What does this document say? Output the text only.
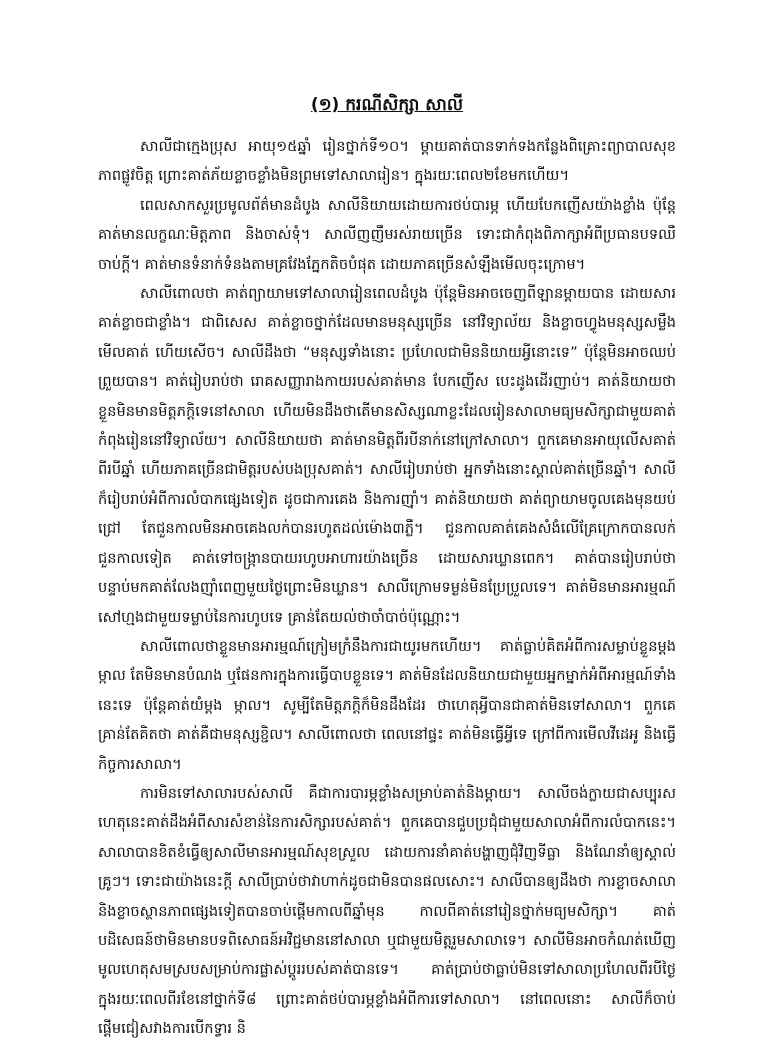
(១) ករណីសិក្សា សាលី

សាលីជាក្មេងប្រុស អាយុ១៥ឆ្នាំ រៀនថ្នាក់ទី១០។ ម្ដាយគាត់បានទាក់ទងកន្លែងពិគ្រោះព្យាបាលសុខភាពផ្លូវចិត្ត ព្រោះគាត់ភ័យខ្លាចខ្លាំងមិនព្រមទៅសាលារៀន។ ក្នុងរយៈពេល២ខែមកហើយ។

ពេលសាកសួរប្រមូលព័ត៌មានដំបូង សាលីនិយាយដោយការថប់បារម្ភ ហើយបែកញើសយ៉ាងខ្លាំង ប៉ុន្តែគាត់មានលក្ខណៈមិត្តភាព និងចាស់ទុំ។ សាលីញញឹមរស់រាយច្រើន ទោះជាកំពុងពិភាក្សាអំពីប្រធានបទឈឺចាប់ក្ដី។ គាត់មានទំនាក់ទំនងតាមគ្រវែងភ្នែកតិចបំផុត ដោយភាគច្រើនសំឡឹងមើលចុះក្រោម។

សាលីពោលថា គាត់ព្យាយាមទៅសាលារៀនពេលដំបូង ប៉ុន្តែមិនអាចចេញពីឡានម្ដាយបាន ដោយសារគាត់ខ្លាចជាខ្លាំង។ ជាពិសេស គាត់ខ្លាចថ្នាក់ដែលមានមនុស្សច្រើន នៅវិទ្យាល័យ និងខ្លាចហ្វូងមនុស្សសម្លឹងមើលគាត់ ហើយសើច។ សាលីដឹងថា “មនុស្សទាំងនោះ ប្រហែលជាមិននិយាយអ្វីនោះទេ” ប៉ុន្តែមិនអាចឈប់ព្រួយបាន។ គាត់រៀបរាប់ថា រោគសញ្ញារាងកាយរបស់គាត់មាន បែកញើស បេះដូងដើរញាប់។ គាត់និយាយថា ខ្លួនមិនមានមិត្តភក្ដិទេនៅសាលា ហើយមិនដឹងថាតើមានសិស្សណាខ្លះដែលរៀនសាលាមធ្យមសិក្សាជាមួយគាត់កំពុងរៀននៅវិទ្យាល័យ។ សាលីនិយាយថា គាត់មានមិត្តពីរបីនាក់នៅក្រៅសាលា។ ពួកគេមានអាយុលើសគាត់ពីរបីឆ្នាំ ហើយភាគច្រើនជាមិត្តរបស់បងប្រុសគាត់។ សាលីរៀបរាប់ថា អ្នកទាំងនោះស្គាល់គាត់ច្រើនឆ្នាំ។ សាលីក៏រៀបរាប់អំពីការលំបាកផ្សេងទៀត ដូចជាការគេង និងការញ៉ាំ។ គាត់និយាយថា គាត់ព្យាយាមចូលគេងមុនយប់ជ្រៅ តែជួនកាលមិនអាចគេងលក់បានរហូតដល់ម៉ោង៣ភ្លឺ។ ជួនកាលគាត់គេងសំងំលើគ្រែក្រោកបានលក់ ជួនកាលទៀត គាត់ទៅចង្ក្រានបាយរហូបអាហារយ៉ាងច្រើន ដោយសារឃ្លានពេក។ គាត់បានរៀបរាប់ថា បន្ទាប់មកគាត់លែងញ៉ាំពេញមួយថ្ងៃព្រោះមិនឃ្លាន។ សាលីក្រោមទម្ងន់មិនប្រែប្រួលទេ។ គាត់មិនមានអារម្មណ៍សៅហ្មងជាមួយទម្លាប់នៃការហូបទេ គ្រាន់តែយល់ថាចាំបាច់ប៉ុណ្ណោះ។

សាលីពោលថាខ្លួនមានអារម្មណ៍ក្រៀមក្រំនឹងការជាយូរមកហើយ។ គាត់ធ្លាប់គិតអំពីការសម្លាប់ខ្លួនម្ដងម្កាល តែមិនមានបំណង ឬផែនការក្នុងការធ្វើបាបខ្លួនទេ។ គាត់មិនដែលនិយាយជាមួយអ្នកម្នាក់អំពីអារម្មណ៍ទាំងនេះទេ ប៉ុន្តែគាត់យំម្ដង ម្កាល។ សូម្បីតែមិត្តភក្ដិក៏មិនដឹងដែរ ថាហេតុអ្វីបានជាគាត់មិនទៅសាលា។ ពួកគេ គ្រាន់តែគិតថា គាត់គឺជាមនុស្សខ្ជិល។ សាលីពោលថា ពេលនៅផ្ទះ គាត់មិនធ្វើអ្វីទេ ក្រៅពីការមើលវីដេអូ និងធ្វើកិច្ចការសាលា។

ការមិនទៅសាលារបស់សាលី គឺជាការបារម្ភខ្លាំងសម្រាប់គាត់និងម្ដាយ។ សាលីចង់ក្លាយជាសប្បុរសហេតុនេះគាត់ដឹងអំពីសារសំខាន់នៃការសិក្សារបស់គាត់។ ពួកគេបានជួបប្រជុំជាមួយសាលាអំពីការលំបាកនេះ។ សាលាបានខិតខំធ្វើឲ្យសាលីមានអារម្មណ៍សុខស្រួល ដោយការនាំគាត់បង្ហាញជុំវិញទីធ្លា និងណែនាំឲ្យស្គាល់គ្រូៗ។ ទោះជាយ៉ាងនេះក្ដី សាលីប្រាប់ថាវាហាក់ដូចជាមិនបានផលសោះ។ សាលីបានឲ្យដឹងថា ការខ្លាចសាលា និងខ្លាចស្ថានភាពផ្សេងទៀតបានចាប់ផ្ដើមកាលពីឆ្នាំមុន កាលពីគាត់នៅរៀនថ្នាក់មធ្យមសិក្សា។ គាត់បដិសេធន៍ថាមិនមានបទពិសោធន៍អវិជ្ជមាននៅសាលា ឬជាមួយមិត្តរួមសាលាទេ។ សាលីមិនអាចកំណត់ឃើញមូលហេតុសមស្របសម្រាប់ការផ្លាស់ប្ដូររបស់គាត់បានទេ។ គាត់ប្រាប់ថាធ្លាប់មិនទៅសាលាប្រហែលពីរបីថ្ងៃ ក្នុងរយៈពេលពីរខែនៅថ្នាក់ទី៨ ព្រោះគាត់ថប់បារម្ភខ្លាំងអំពីការទៅសាលា។ នៅពេលនោះ សាលីក៏ចាប់ផ្ដើមជៀសវាងការបើកទ្វារ និ
